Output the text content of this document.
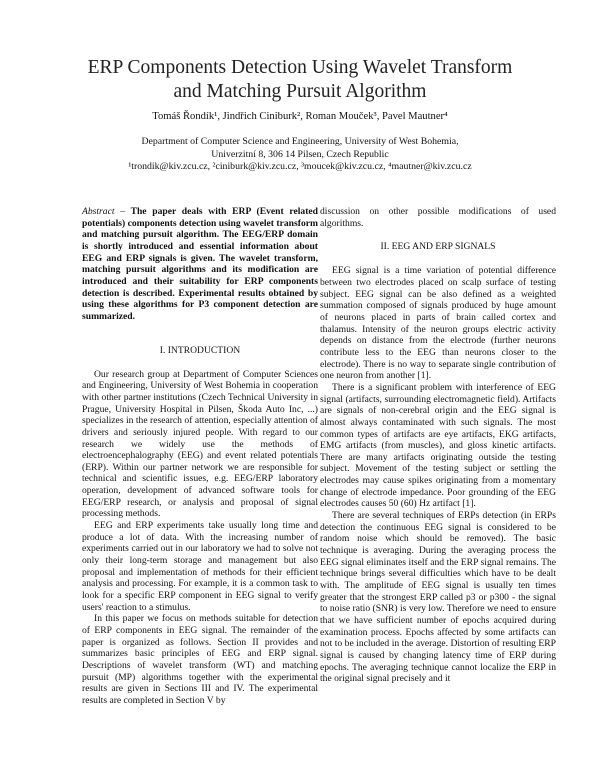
ERP Components Detection Using Wavelet Transform
and Matching Pursuit Algorithm
Tomáš Řondík¹, Jindřich Ciniburk², Roman Mouček³, Pavel Mautner⁴
Department of Computer Science and Engineering, University of West Bohemia,
Univerzitní 8, 306 14 Pilsen, Czech Republic
¹trondik@kiv.zcu.cz, ²ciniburk@kiv.zcu.cz, ³moucek@kiv.zcu.cz, ⁴mautner@kiv.zcu.cz
Abstract – The paper deals with ERP (Event related potentials) components detection using wavelet transform and matching pursuit algorithm. The EEG/ERP domain is shortly introduced and essential information about EEG and ERP signals is given. The wavelet transform, matching pursuit algorithms and its modification are introduced and their suitability for ERP components detection is described. Experimental results obtained by using these algorithms for P3 component detection are summarized.
I. INTRODUCTION

Our research group at Department of Computer Sciences and Engineering, University of West Bohemia in cooperation with other partner institutions (Czech Technical University in Prague, University Hospital in Pilsen, Škoda Auto Inc, ...) specializes in the research of attention, especially attention of drivers and seriously injured people. With regard to our research we widely use the methods of electroencephalography (EEG) and event related potentials (ERP). Within our partner network we are responsible for technical and scientific issues, e.g. EEG/ERP laboratory operation, development of advanced software tools for EEG/ERP research, or analysis and proposal of signal processing methods.

EEG and ERP experiments take usually long time and produce a lot of data. With the increasing number of experiments carried out in our laboratory we had to solve not only their long-term storage and management but also proposal and implementation of methods for their efficient analysis and processing. For example, it is a common task to look for a specific ERP component in EEG signal to verify users' reaction to a stimulus.

In this paper we focus on methods suitable for detection of ERP components in EEG signal. The remainder of the paper is organized as follows. Section II provides and summarizes basic principles of EEG and ERP signal. Descriptions of wavelet transform (WT) and matching pursuit (MP) algorithms together with the experimental results are given in Sections III and IV. The experimental results are completed in Section V by

discussion on other possible modifications of used algorithms.

II. EEG AND ERP SIGNALS

EEG signal is a time variation of potential difference between two electrodes placed on scalp surface of testing subject. EEG signal can be also defined as a weighted summation composed of signals produced by huge amount of neurons placed in parts of brain called cortex and thalamus. Intensity of the neuron groups electric activity depends on distance from the electrode (further neurons contribute less to the EEG than neurons closer to the electrode). There is no way to separate single contribution of one neuron from another [1].

There is a significant problem with interference of EEG signal (artifacts, surrounding electromagnetic field). Artifacts are signals of non-cerebral origin and the EEG signal is almost always contaminated with such signals. The most common types of artifacts are eye artifacts, EKG artifacts, EMG artifacts (from muscles), and gloss kinetic artifacts. There are many artifacts originating outside the testing subject. Movement of the testing subject or settling the electrodes may cause spikes originating from a momentary change of electrode impedance. Poor grounding of the EEG electrodes causes 50 (60) Hz artifact [1].

There are several techniques of ERPs detection (in ERPs detection the continuous EEG signal is considered to be random noise which should be removed). The basic technique is averaging. During the averaging process the EEG signal eliminates itself and the ERP signal remains. The technique brings several difficulties which have to be dealt with. The amplitude of EEG signal is usually ten times greater that the strongest ERP called p3 or p300 - the signal to noise ratio (SNR) is very low. Therefore we need to ensure that we have sufficient number of epochs acquired during examination process. Epochs affected by some artifacts can not to be included in the average. Distortion of resulting ERP signal is caused by changing latency time of ERP during epochs. The averaging technique cannot localize the ERP in the original signal precisely and it
